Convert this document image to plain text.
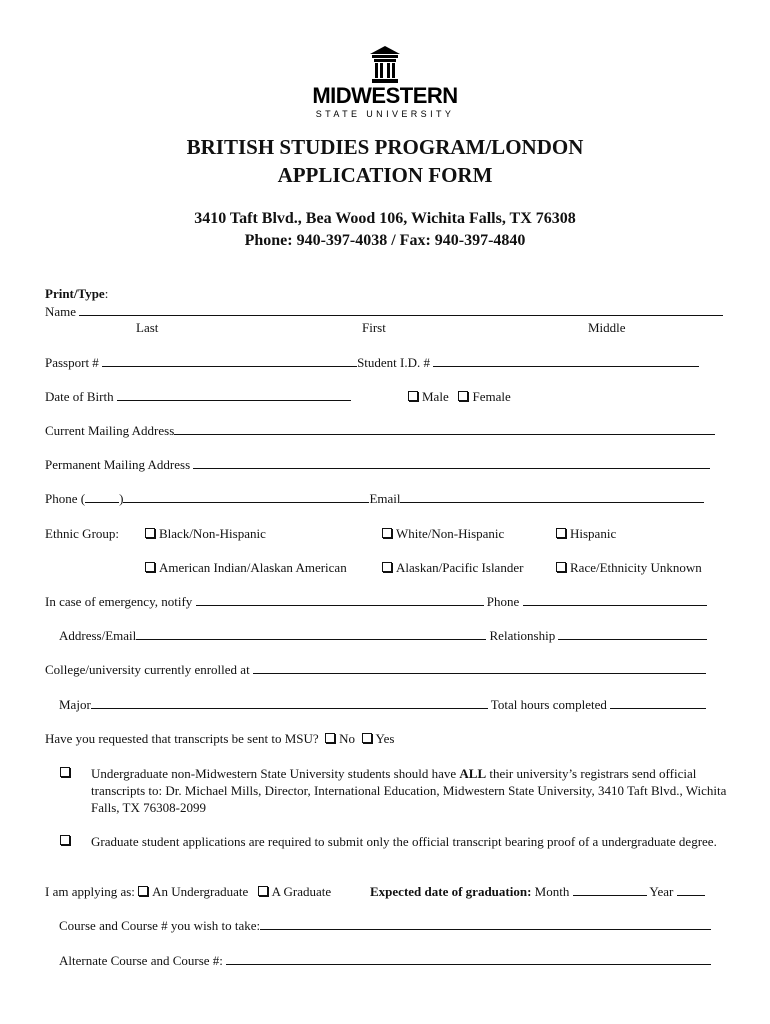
MIDWESTERN
STATE UNIVERSITY
BRITISH STUDIES PROGRAM/LONDON
APPLICATION FORM
3410 Taft Blvd., Bea Wood 106, Wichita Falls, TX 76308
Phone: 940-397-4038 / Fax: 940-397-4840
Print/Type:
Name
Last	First	Middle
Passport #	Student I.D. #
Date of Birth	Male Female
Current Mailing Address
Permanent Mailing Address
Phone (	)	Email
Ethnic Group:	Black/Non-Hispanic	White/Non-Hispanic	Hispanic
American Indian/Alaskan American	Alaskan/Pacific Islander	Race/Ethnicity Unknown
In case of emergency, notify	Phone
Address/Email	Relationship
College/university currently enrolled at
Major	Total hours completed
Have you requested that transcripts be sent to MSU? No Yes
Undergraduate non-Midwestern State University students should have ALL their university’s registrars send official transcripts to: Dr. Michael Mills, Director, International Education, Midwestern State University, 3410 Taft Blvd., Wichita Falls, TX 76308-2099
Graduate student applications are required to submit only the official transcript bearing proof of a undergraduate degree.
I am applying as: An Undergraduate A Graduate	Expected date of graduation: Month	Year
Course and Course # you wish to take:
Alternate Course and Course #:
